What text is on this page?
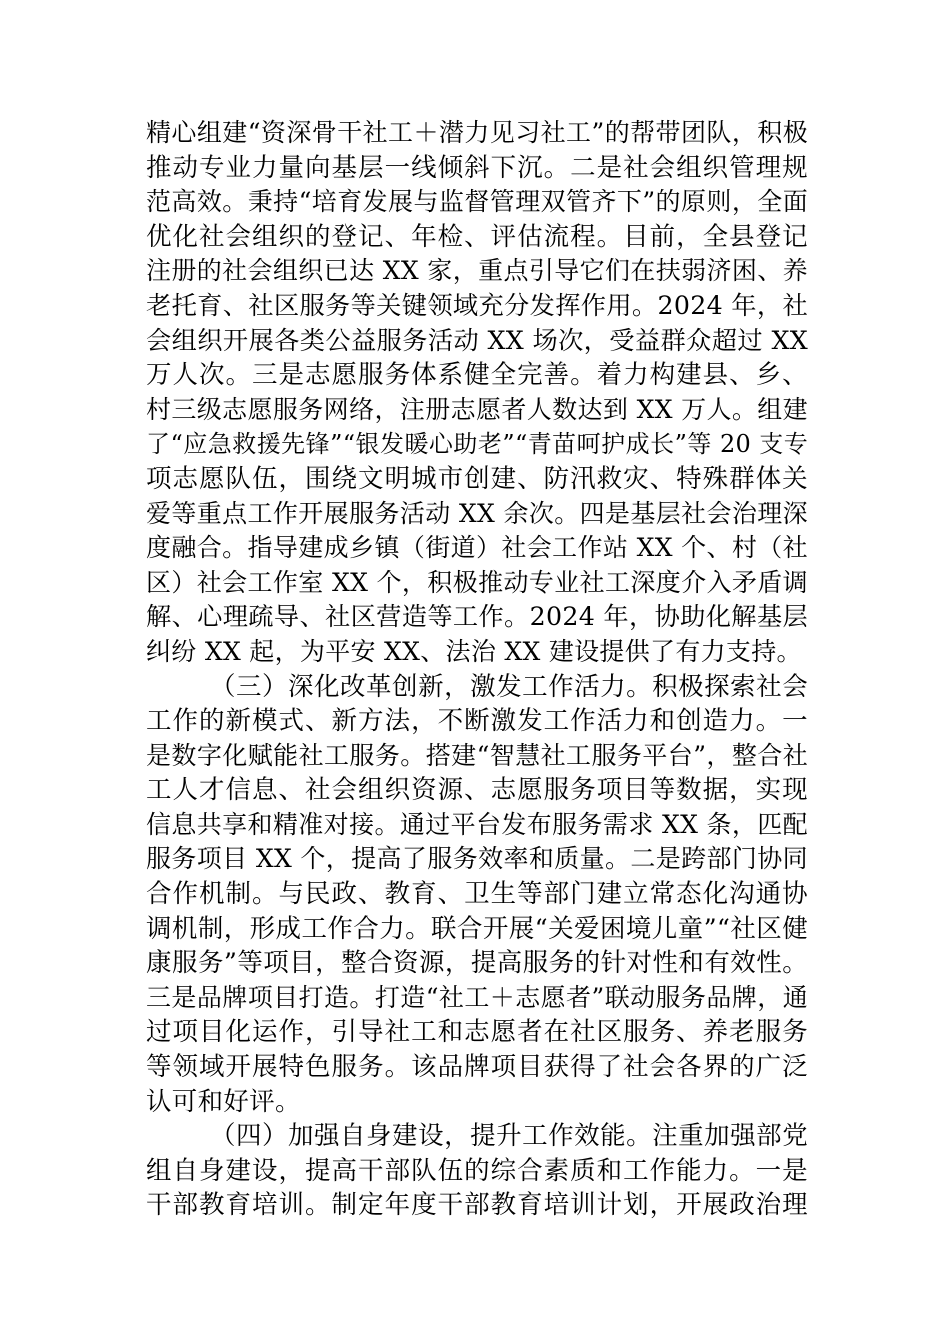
精心组建“资深骨干社工＋潜力见习社工”的帮带团队，积极
推动专业力量向基层一线倾斜下沉。二是社会组织管理规
范高效。秉持“培育发展与监督管理双管齐下”的原则，全面
优化社会组织的登记、年检、评估流程。目前，全县登记
注册的社会组织已达 XX 家，重点引导它们在扶弱济困、养
老托育、社区服务等关键领域充分发挥作用。2024 年，社
会组织开展各类公益服务活动 XX 场次，受益群众超过 XX
万人次。三是志愿服务体系健全完善。着力构建县、乡、
村三级志愿服务网络，注册志愿者人数达到 XX 万人。组建
了“应急救援先锋”“银发暖心助老”“青苗呵护成长”等 20 支专
项志愿队伍，围绕文明城市创建、防汛救灾、特殊群体关
爱等重点工作开展服务活动 XX 余次。四是基层社会治理深
度融合。指导建成乡镇（街道）社会工作站 XX 个、村（社
区）社会工作室 XX 个，积极推动专业社工深度介入矛盾调
解、心理疏导、社区营造等工作。2024 年，协助化解基层
纠纷 XX 起，为平安 XX、法治 XX 建设提供了有力支持。
（三）深化改革创新，激发工作活力。积极探索社会
工作的新模式、新方法，不断激发工作活力和创造力。一
是数字化赋能社工服务。搭建“智慧社工服务平台”，整合社
工人才信息、社会组织资源、志愿服务项目等数据，实现
信息共享和精准对接。通过平台发布服务需求 XX 条，匹配
服务项目 XX 个，提高了服务效率和质量。二是跨部门协同
合作机制。与民政、教育、卫生等部门建立常态化沟通协
调机制，形成工作合力。联合开展“关爱困境儿童”“社区健
康服务”等项目，整合资源，提高服务的针对性和有效性。
三是品牌项目打造。打造“社工＋志愿者”联动服务品牌，通
过项目化运作，引导社工和志愿者在社区服务、养老服务
等领域开展特色服务。该品牌项目获得了社会各界的广泛
认可和好评。
（四）加强自身建设，提升工作效能。注重加强部党
组自身建设，提高干部队伍的综合素质和工作能力。一是
干部教育培训。制定年度干部教育培训计划，开展政治理
